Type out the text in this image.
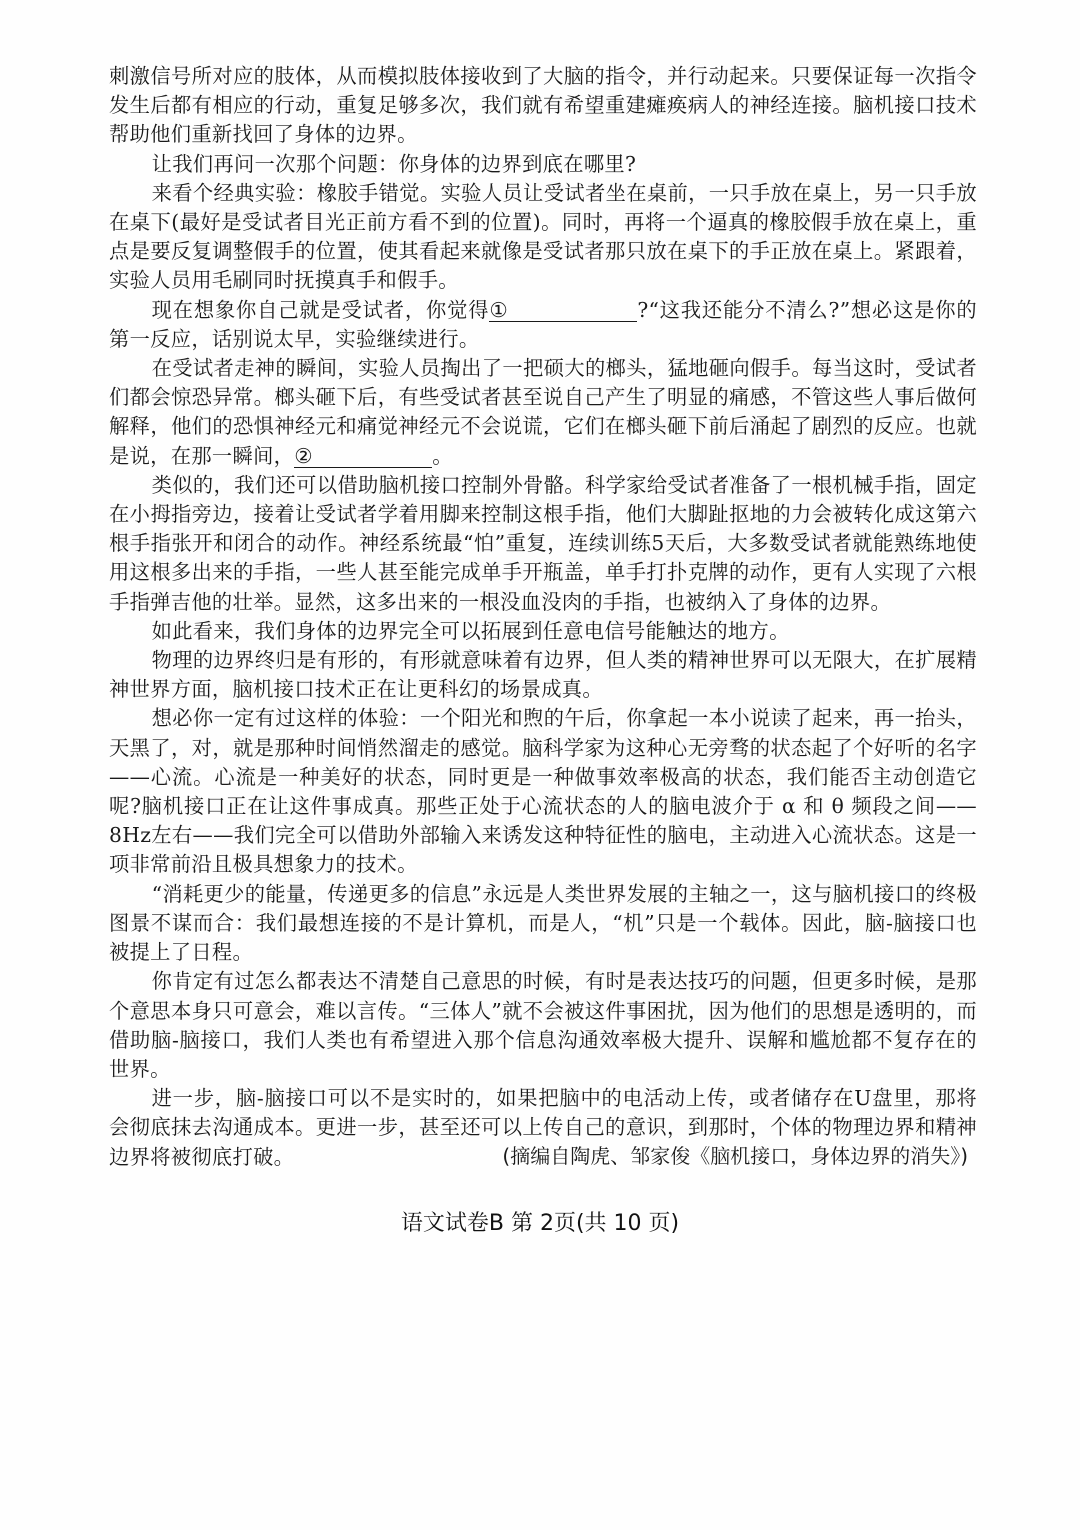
刺激信号所对应的肢体，从而模拟肢体接收到了大脑的指令，并行动起来。只要保证每一次指令发生后都有相应的行动，重复足够多次，我们就有希望重建瘫痪病人的神经连接。脑机接口技术帮助他们重新找回了身体的边界。

让我们再问一次那个问题：你身体的边界到底在哪里?

来看个经典实验：橡胶手错觉。实验人员让受试者坐在桌前，一只手放在桌上，另一只手放在桌下(最好是受试者目光正前方看不到的位置)。同时，再将一个逼真的橡胶假手放在桌上，重点是要反复调整假手的位置，使其看起来就像是受试者那只放在桌下的手正放在桌上。紧跟着，实验人员用毛刷同时抚摸真手和假手。

现在想象你自己就是受试者，你觉得①	?“这我还能分不清么?”想必这是你的第一反应，话别说太早，实验继续进行。

在受试者走神的瞬间，实验人员掏出了一把硕大的榔头，猛地砸向假手。每当这时，受试者们都会惊恐异常。榔头砸下后，有些受试者甚至说自己产生了明显的痛感，不管这些人事后做何解释，他们的恐惧神经元和痛觉神经元不会说谎，它们在榔头砸下前后涌起了剧烈的反应。也就是说，在那一瞬间，②	。

类似的，我们还可以借助脑机接口控制外骨骼。科学家给受试者准备了一根机械手指，固定在小拇指旁边，接着让受试者学着用脚来控制这根手指，他们大脚趾抠地的力会被转化成这第六根手指张开和闭合的动作。神经系统最“怕”重复，连续训练5天后，大多数受试者就能熟练地使用这根多出来的手指，一些人甚至能完成单手开瓶盖，单手打扑克牌的动作，更有人实现了六根手指弹吉他的壮举。显然，这多出来的一根没血没肉的手指，也被纳入了身体的边界。

如此看来，我们身体的边界完全可以拓展到任意电信号能触达的地方。

物理的边界终归是有形的，有形就意味着有边界，但人类的精神世界可以无限大，在扩展精神世界方面，脑机接口技术正在让更科幻的场景成真。

想必你一定有过这样的体验：一个阳光和煦的午后，你拿起一本小说读了起来，再一抬头，天黑了，对，就是那种时间悄然溜走的感觉。脑科学家为这种心无旁骛的状态起了个好听的名字——心流。心流是一种美好的状态，同时更是一种做事效率极高的状态，我们能否主动创造它呢?脑机接口正在让这件事成真。那些正处于心流状态的人的脑电波介于 α 和 θ 频段之间——8Hz左右——我们完全可以借助外部输入来诱发这种特征性的脑电，主动进入心流状态。这是一项非常前沿且极具想象力的技术。

“消耗更少的能量，传递更多的信息”永远是人类世界发展的主轴之一，这与脑机接口的终极图景不谋而合：我们最想连接的不是计算机，而是人，“机”只是一个载体。因此，脑-脑接口也被提上了日程。

你肯定有过怎么都表达不清楚自己意思的时候，有时是表达技巧的问题，但更多时候，是那个意思本身只可意会，难以言传。“三体人”就不会被这件事困扰，因为他们的思想是透明的，而借助脑-脑接口，我们人类也有希望进入那个信息沟通效率极大提升、误解和尴尬都不复存在的世界。

进一步，脑-脑接口可以不是实时的，如果把脑中的电活动上传，或者储存在U盘里，那将会彻底抹去沟通成本。更进一步，甚至还可以上传自己的意识，到那时，个体的物理边界和精神边界将被彻底打破。	(摘编自陶虎、邹家俊《脑机接口，身体边界的消失》)
语文试卷B 第 2页(共 10 页)
